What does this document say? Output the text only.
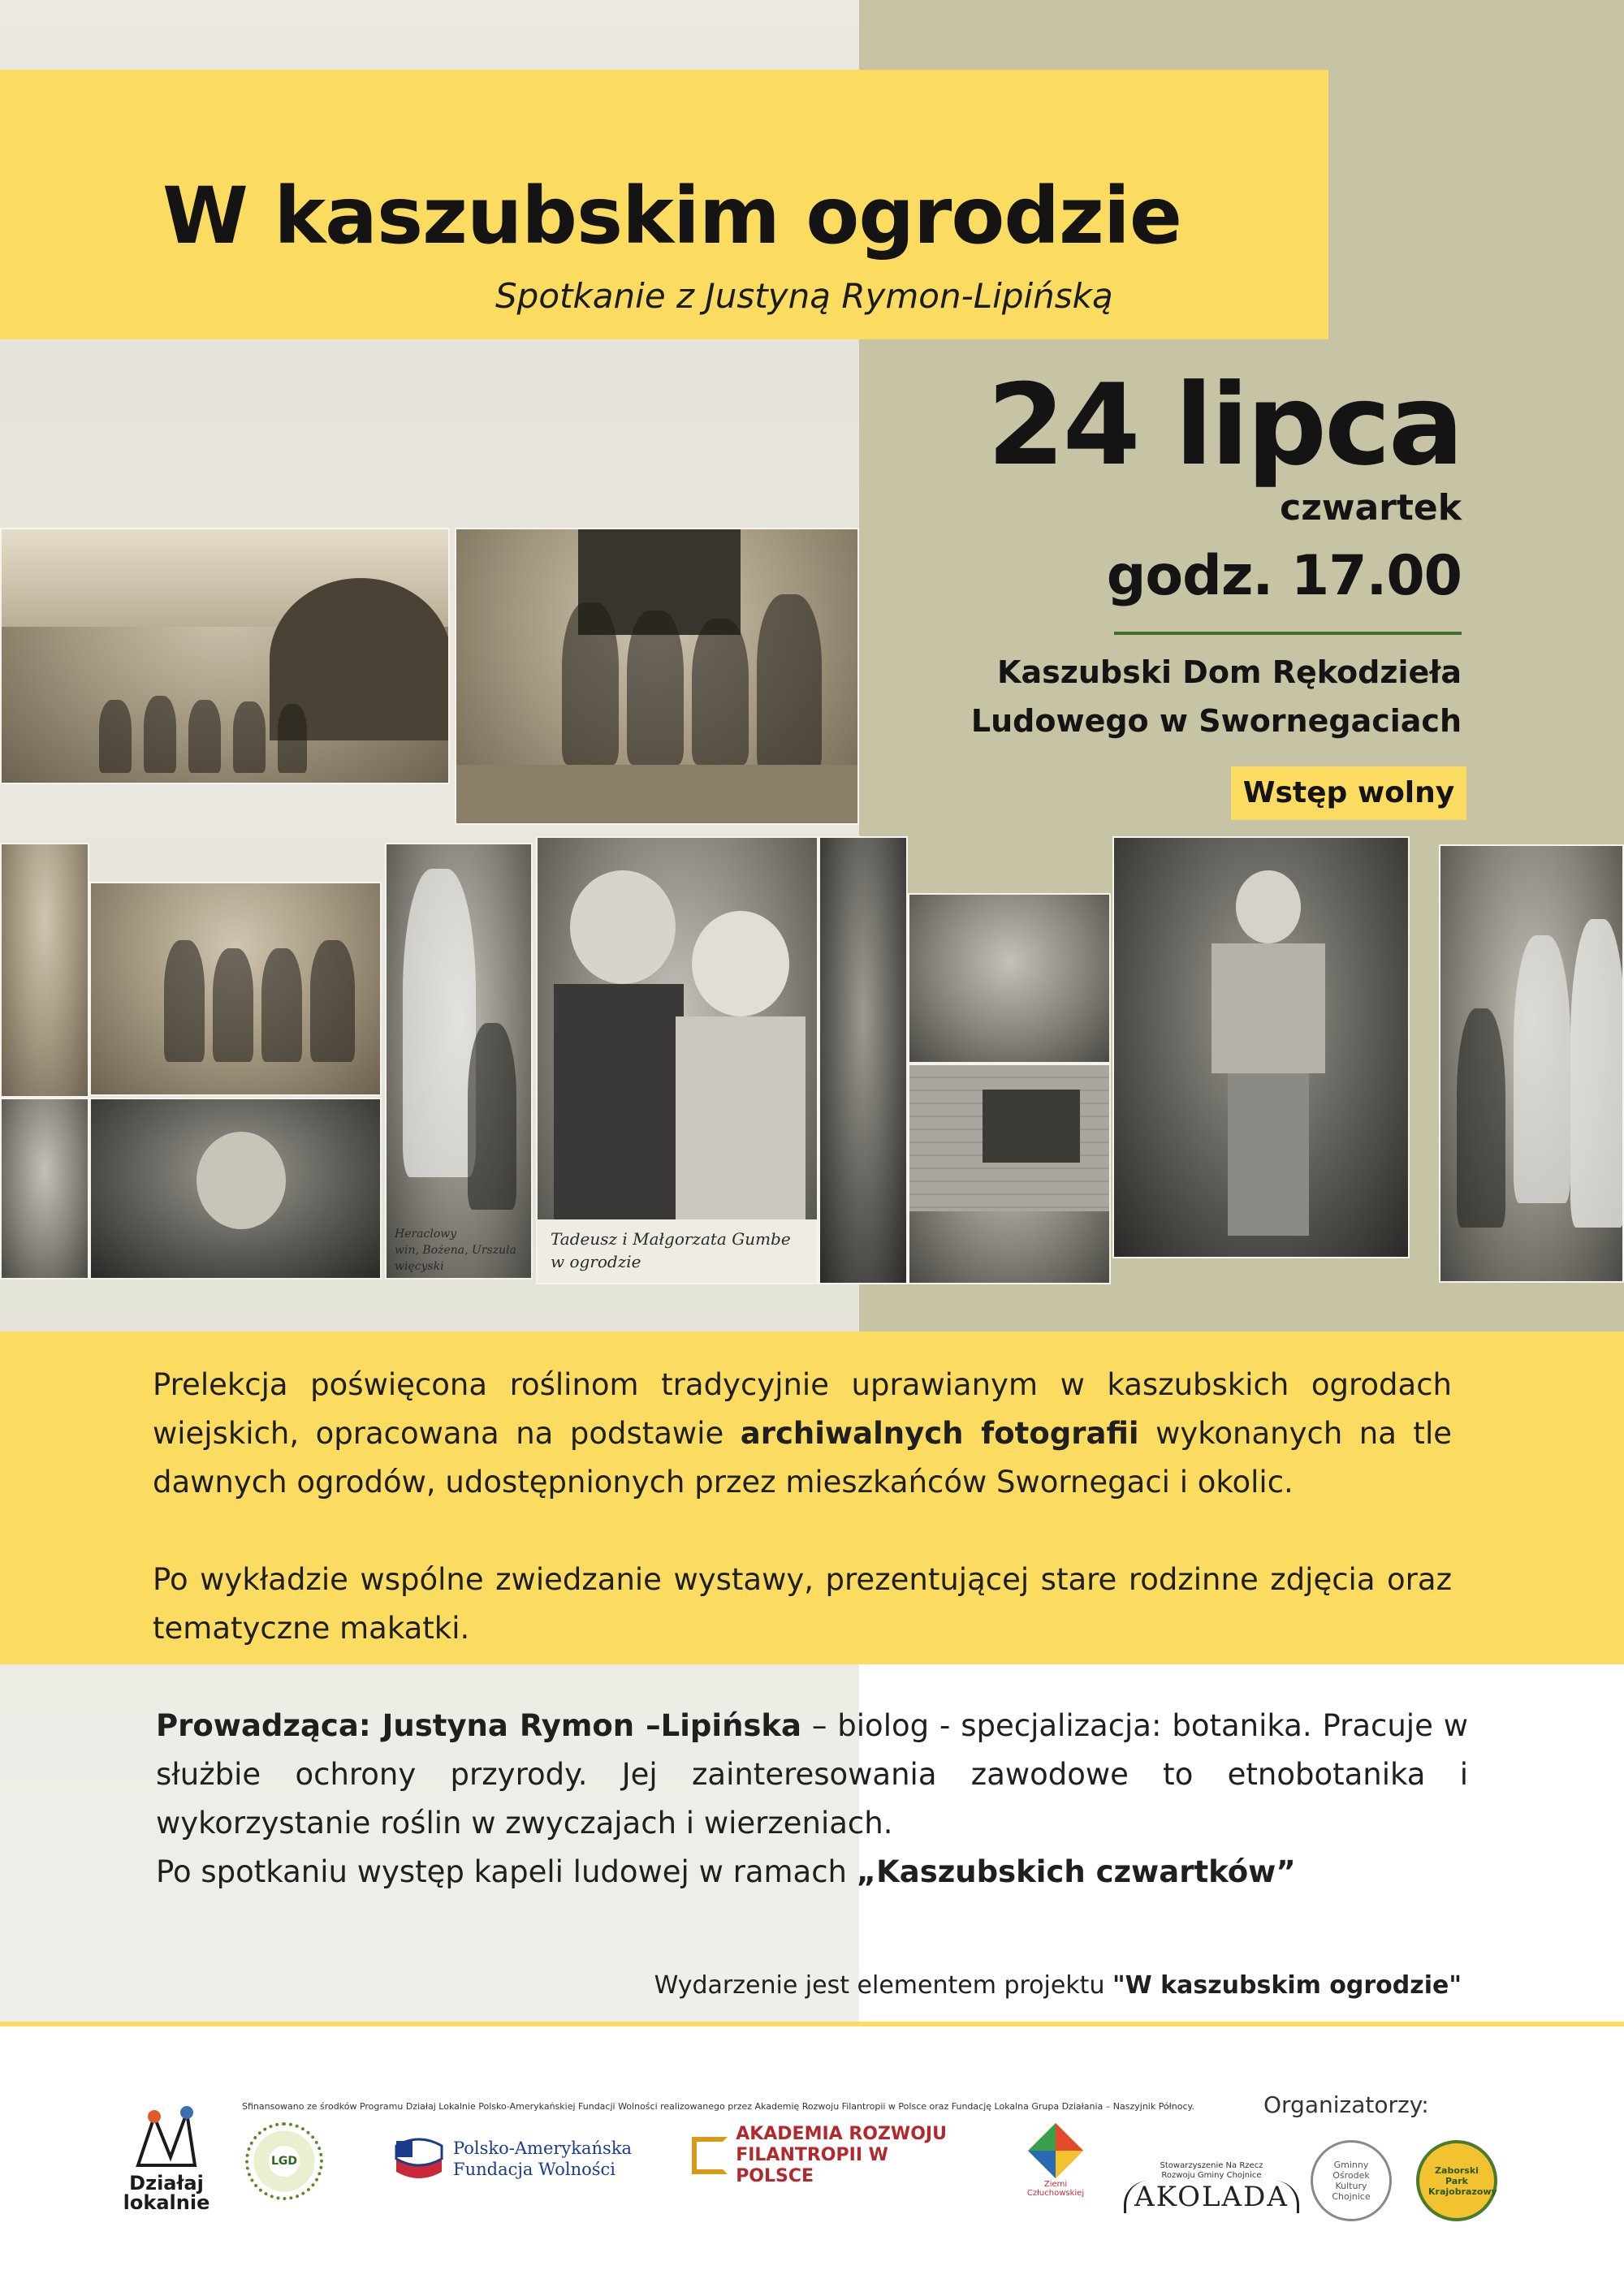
W kaszubskim ogrodzie
Spotkanie z Justyną Rymon-Lipińską
24 lipca
czwartek
godz. 17.00
Kaszubski Dom Rękodzieła
Ludowego w Swornegaciach
Wstęp wolny
Heraclowy
win, Bożena, Urszula
więcyski
Tadeusz i Małgorzata Gumbe
w ogrodzie
Prelekcja poświęcona roślinom tradycyjnie uprawianym w kaszubskich ogrodach wiejskich, opracowana na podstawie archiwalnych fotografii wykonanych na tle dawnych ogrodów, udostępnionych przez mieszkańców Swornegaci i okolic.
Po wykładzie wspólne zwiedzanie wystawy, prezentującej stare rodzinne zdjęcia oraz tematyczne makatki.
Prowadząca: Justyna Rymon –Lipińska – biolog - specjalizacja: botanika. Pracuje w służbie ochrony przyrody. Jej zainteresowania zawodowe to etnobotanika i wykorzystanie roślin w zwyczajach i wierzeniach.
Po spotkaniu występ kapeli ludowej w ramach „Kaszubskich czwartków”
Wydarzenie jest elementem projektu "W kaszubskim ogrodzie"
Działaj
lokalnie
Sfinansowano ze środków Programu Działaj Lokalnie Polsko-Amerykańskiej Fundacji Wolności realizowanego przez Akademię Rozwoju Filantropii w Polsce oraz Fundację Lokalna Grupa Działania – Naszyjnik Północy.
LGD
Polsko-Amerykańska
Fundacja Wolności
AKADEMIA ROZWOJU
FILANTROPII W POLSCE	Ziemi Człuchowskiej
Organizatorzy:
Stowarzyszenie Na Rzecz Rozwoju Gminy Chojnice
AKOLADA
Gminny Ośrodek Kultury Chojnice
Zaborski Park Krajobrazowy
